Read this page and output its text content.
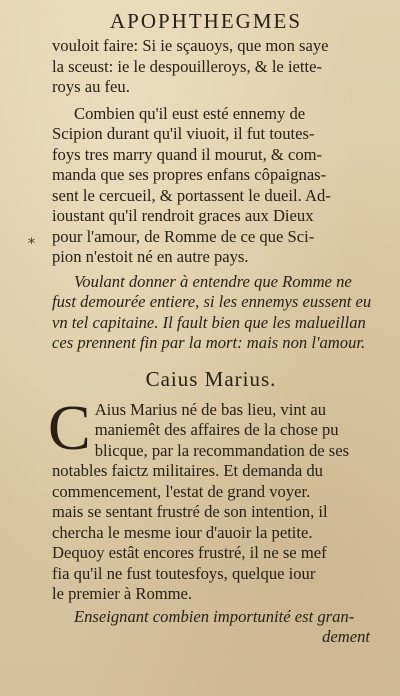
APOPHTHEGMES
vouloit faire: Si ie sçauoys, que mon saye
la sceust: ie le despouilleroys, & le iette-
roys au feu.
Combien qu'il eust esté ennemy de
Scipion durant qu'il viuoit, il fut toutes-
foys tres marry quand il mourut, & com-
manda que ses propres enfans côpaignas-
sent le cercueil, & portassent le dueil. Ad-
ioustant qu'il rendroit graces aux Dieux
pour l'amour, de Romme de ce que Sci-
pion n'estoit né en autre pays.
Voulant donner à entendre que Romme ne
fust demourée entiere, si les ennemys eussent eu
vn tel capitaine. Il fault bien que les malueillan
ces prennent fin par la mort: mais non l'amour.
Caius Marius.
C Aius Marius né de bas lieu, vint au
maniemêt des affaires de la chose pu
blicque, par la recommandation de ses
notables faictz militaires. Et demanda du
commencement, l'estat de grand voyer.
mais se sentant frustré de son intention, il
chercha le mesme iour d'auoir la petite.
Dequoy estât encores frustré, il ne se mef
fia qu'il ne fust toutesfoys, quelque iour
le premier à Romme.
Enseignant combien importunité est gran-
dement
*
